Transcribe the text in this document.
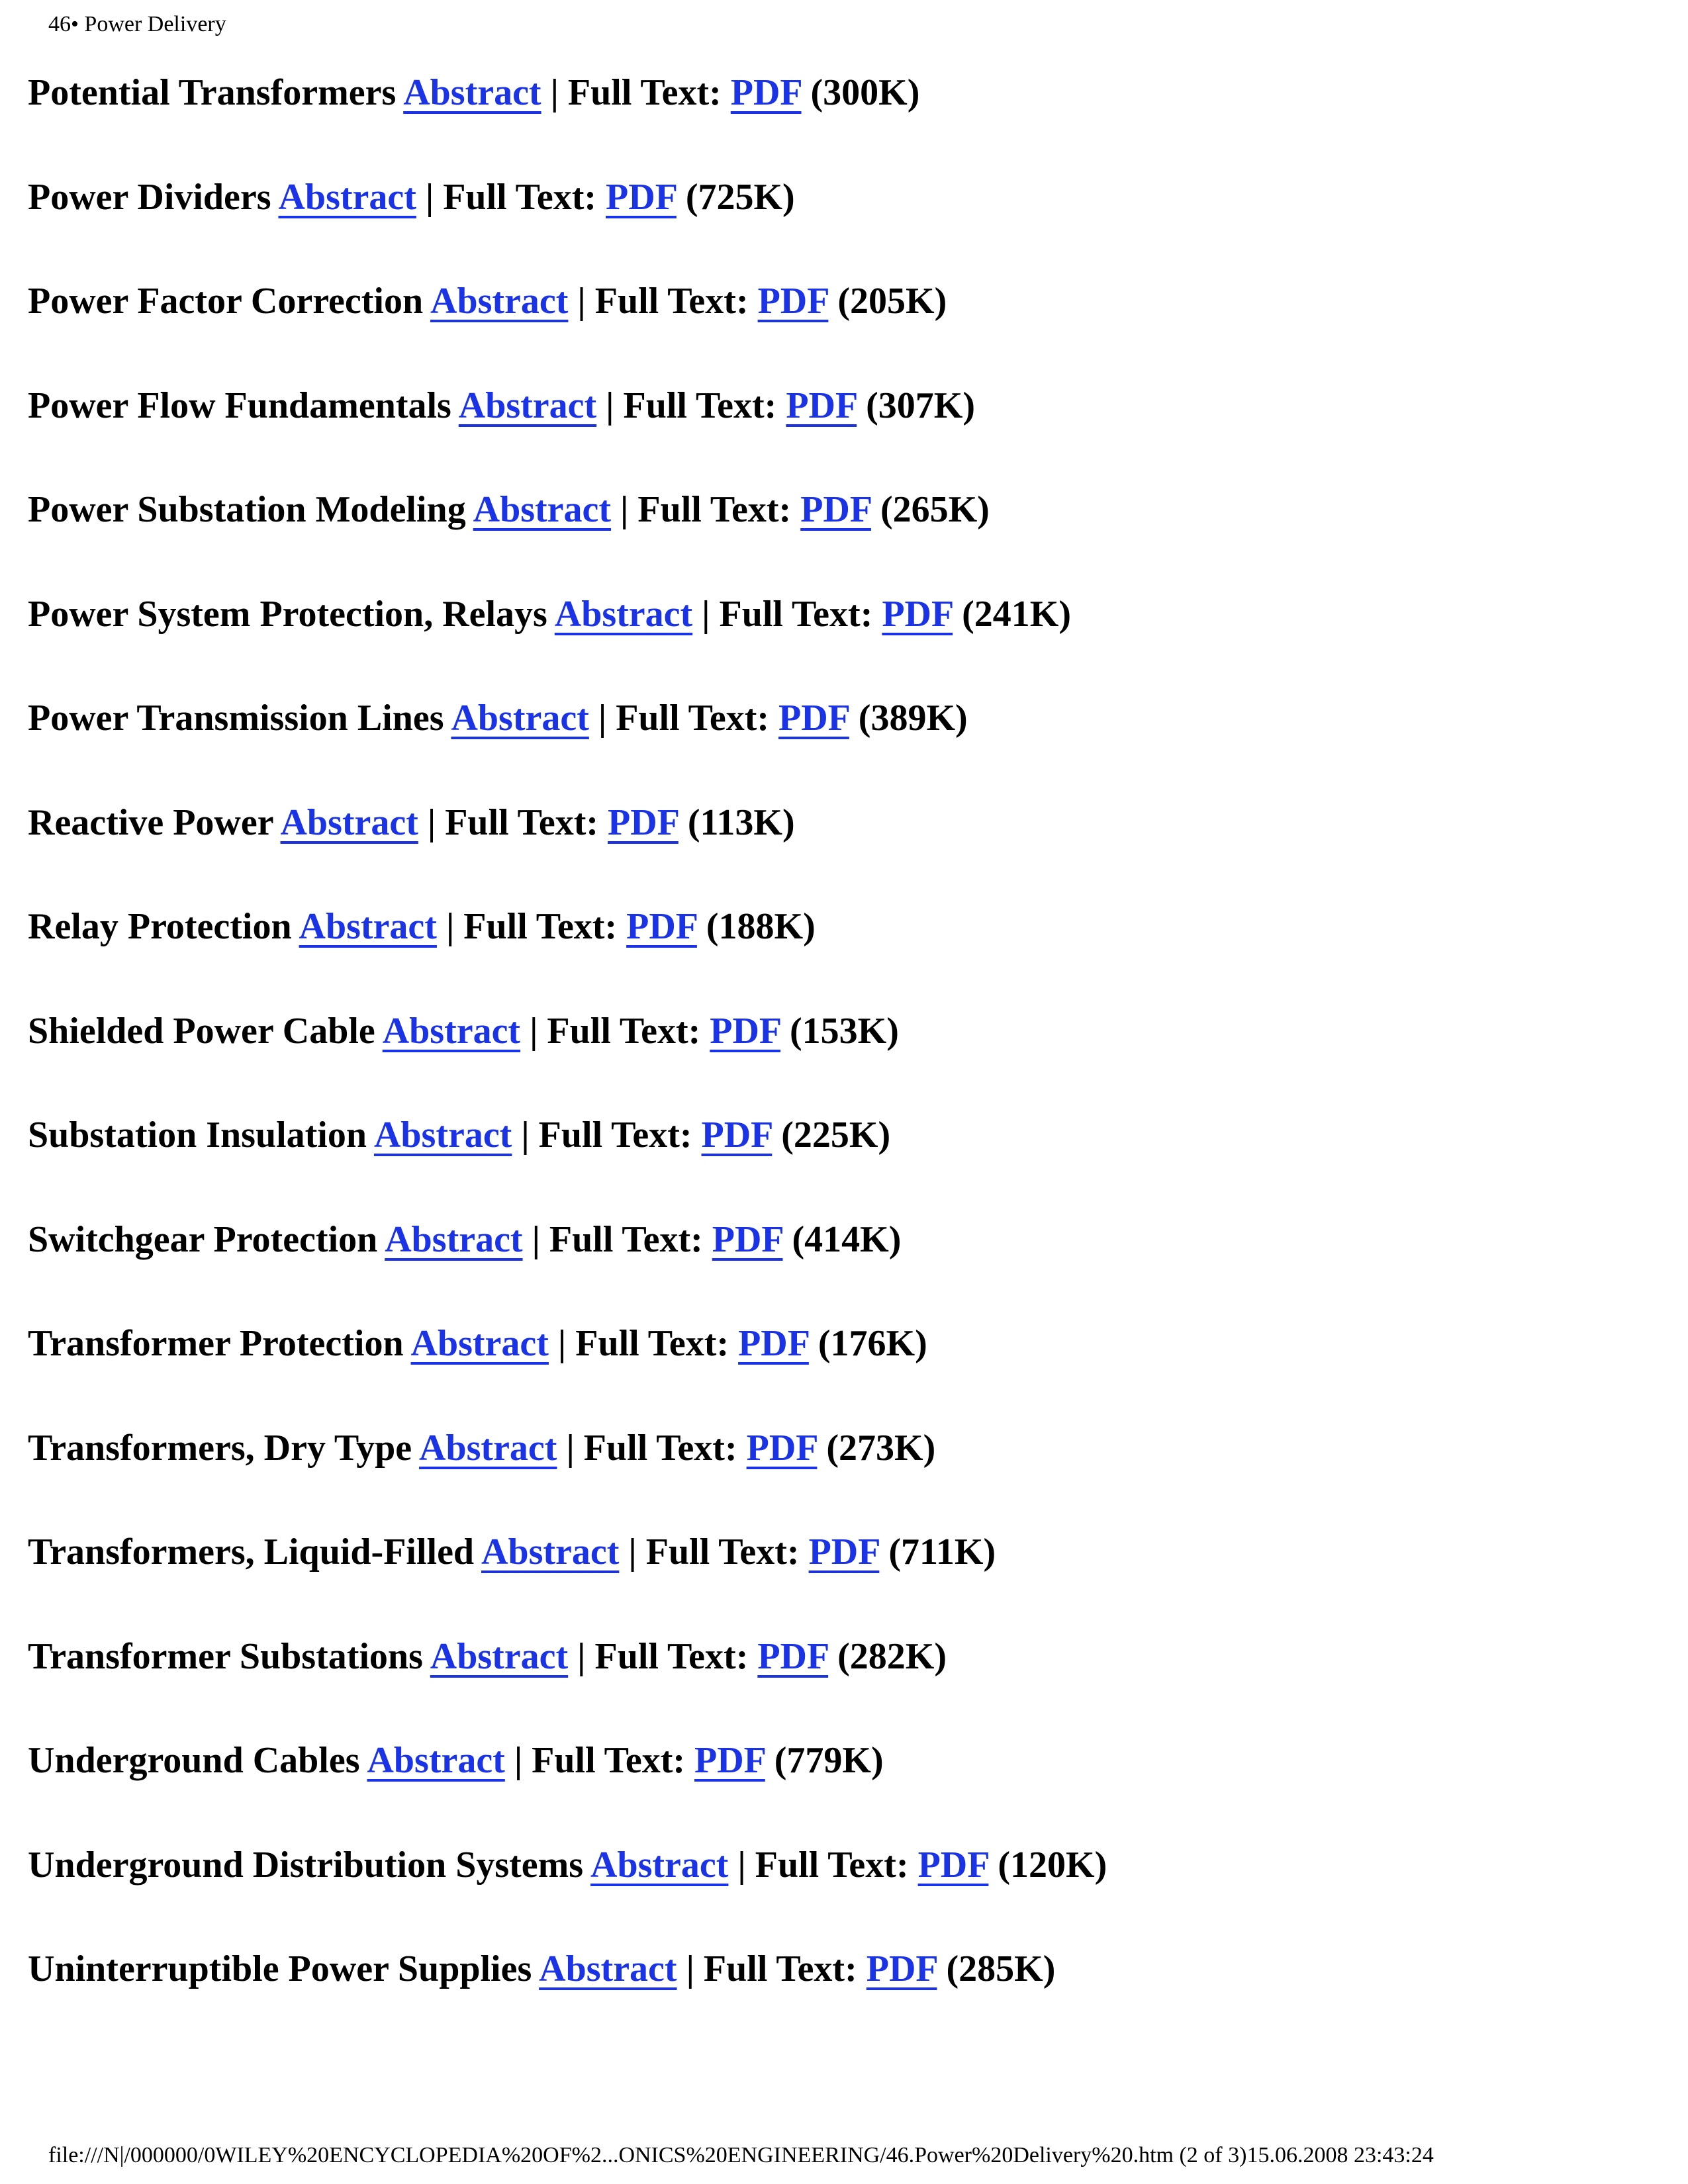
46• Power Delivery
Potential Transformers Abstract | Full Text: PDF (300K)
Power Dividers Abstract | Full Text: PDF (725K)
Power Factor Correction Abstract | Full Text: PDF (205K)
Power Flow Fundamentals Abstract | Full Text: PDF (307K)
Power Substation Modeling Abstract | Full Text: PDF (265K)
Power System Protection, Relays Abstract | Full Text: PDF (241K)
Power Transmission Lines Abstract | Full Text: PDF (389K)
Reactive Power Abstract | Full Text: PDF (113K)
Relay Protection Abstract | Full Text: PDF (188K)
Shielded Power Cable Abstract | Full Text: PDF (153K)
Substation Insulation Abstract | Full Text: PDF (225K)
Switchgear Protection Abstract | Full Text: PDF (414K)
Transformer Protection Abstract | Full Text: PDF (176K)
Transformers, Dry Type Abstract | Full Text: PDF (273K)
Transformers, Liquid-Filled Abstract | Full Text: PDF (711K)
Transformer Substations Abstract | Full Text: PDF (282K)
Underground Cables Abstract | Full Text: PDF (779K)
Underground Distribution Systems Abstract | Full Text: PDF (120K)
Uninterruptible Power Supplies Abstract | Full Text: PDF (285K)
file:///N|/000000/0WILEY%20ENCYCLOPEDIA%20OF%2...ONICS%20ENGINEERING/46.Power%20Delivery%20.htm (2 of 3)15.06.2008 23:43:24
